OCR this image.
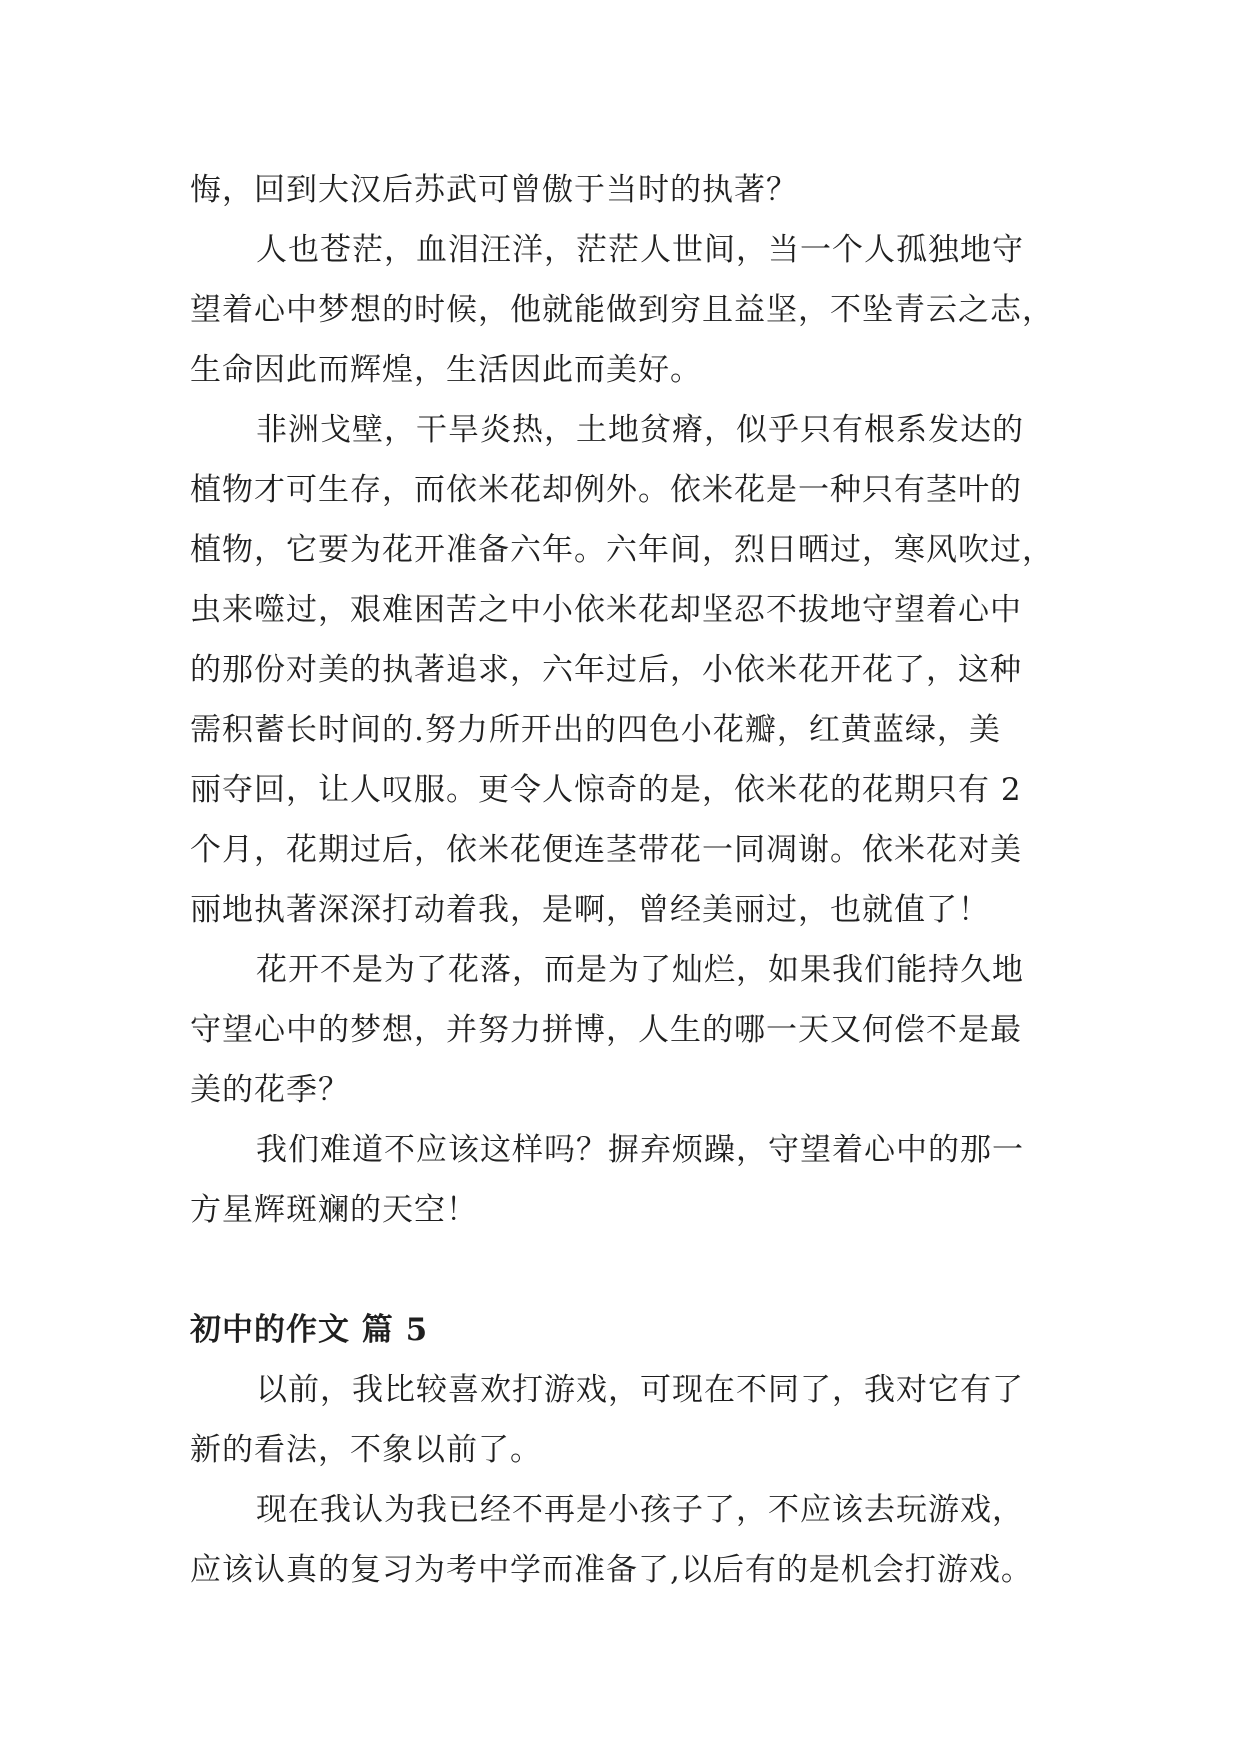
悔，回到大汉后苏武可曾傲于当时的执著？

人也苍茫，血泪汪洋，茫茫人世间，当一个人孤独地守
望着心中梦想的时候，他就能做到穷且益坚，不坠青云之志，
生命因此而辉煌，生活因此而美好。

非洲戈壁，干旱炎热，土地贫瘠，似乎只有根系发达的
植物才可生存，而依米花却例外。依米花是一种只有茎叶的
植物，它要为花开准备六年。六年间，烈日晒过，寒风吹过，
虫来噬过，艰难困苦之中小依米花却坚忍不拔地守望着心中
的那份对美的执著追求，六年过后，小依米花开花了，这种
需积蓄长时间的.努力所开出的四色小花瓣，红黄蓝绿，美
丽夺回，让人叹服。更令人惊奇的是，依米花的花期只有 2
个月，花期过后，依米花便连茎带花一同凋谢。依米花对美
丽地执著深深打动着我，是啊，曾经美丽过，也就值了！

花开不是为了花落，而是为了灿烂，如果我们能持久地
守望心中的梦想，并努力拼博，人生的哪一天又何偿不是最
美的花季？

我们难道不应该这样吗？摒弃烦躁，守望着心中的那一
方星辉斑斓的天空！

初中的作文 篇 5

以前，我比较喜欢打游戏，可现在不同了，我对它有了
新的看法，不象以前了。

现在我认为我已经不再是小孩子了，不应该去玩游戏，
应该认真的复习为考中学而准备了,以后有的是机会打游戏。
